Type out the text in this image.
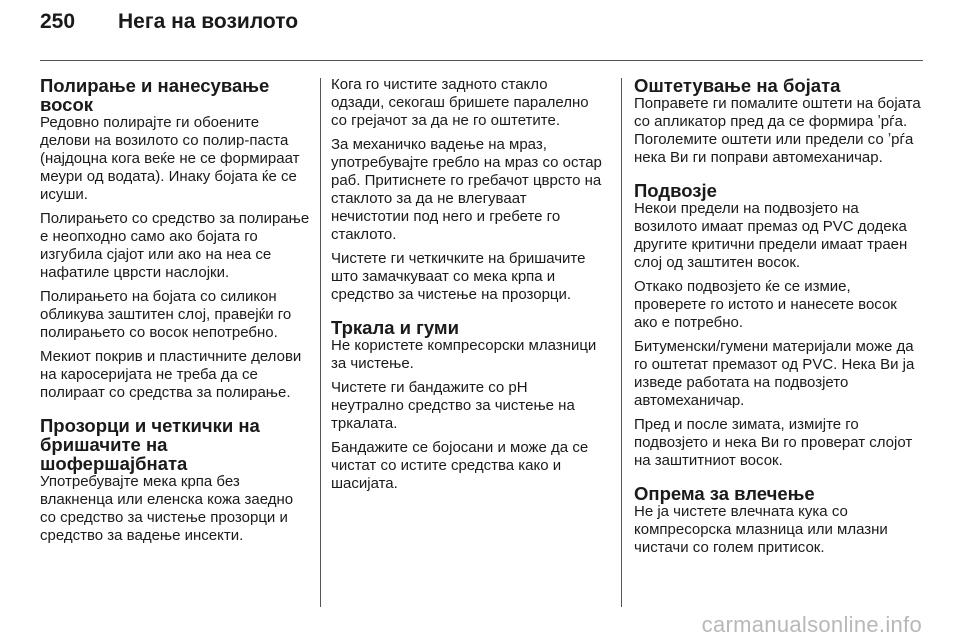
250 Нега на возилото
Полирање и нанесување восок

Редовно полирајте ги обоените делови на возилото со полир-паста (најдоцна кога веќе не се формираат меури од водата). Инаку бојата ќе се исуши.

Полирањето со средство за полирање е неопходно само ако бојата го изгубила сјајот или ако на неа се нафатиле цврсти наслојки.

Полирањето на бојата со силикон обликува заштитен слој, правејќи го полирањето со восок непотребно.

Мекиот покрив и пластичните делови на каросеријата не треба да се полираат со средства за полирање.

Прозорци и четкички на бришачите на шофершајбната

Употребувајте мека крпа без влакненца или еленска кожа заедно со средство за чистење прозорци и средство за вадење инсекти.

Кога го чистите задното стакло одзади, секогаш бришете паралелно со грејачот за да не го оштетите.

За механичко вадење на мраз, употребувајте гребло на мраз со остар раб. Притиснете го гребачот цврсто на стаклото за да не влегуваат нечистотии под него и гребете го стаклото.

Чистете ги четкичките на бришачите што замачкуваат со мека крпа и средство за чистење на прозорци.

Тркала и гуми

Не користете компресорски млазници за чистење.

Чистете ги бандажите со pH неутрално средство за чистење на тркалата.

Бандажите се бојосани и може да се чистат со истите средства како и шасијата.

Оштетување на бојата

Поправете ги помалите оштети на бојата со апликатор пред да се формира ʼрѓа. Поголемите оштети или предели со ʼрѓа нека Ви ги поправи автомеханичар.

Подвозје

Некои предели на подвозјето на возилото имаат премаз од PVC додека другите критични предели имаат траен слој од заштитен восок.

Откако подвозјето ќе се измие, проверете го истото и нанесете восок ако е потребно.

Битуменски/гумени материјали може да го оштетат премазот од PVC. Нека Ви ја изведе работата на подвозјето автомеханичар.

Пред и после зимата, измијте го подвозјето и нека Ви го проверат слојот на заштитниот восок.

Опрема за влечење

Не ја чистете влечната кука со компресорска млазница или млазни чистачи со голем притисок.

carmanualsonline.info
